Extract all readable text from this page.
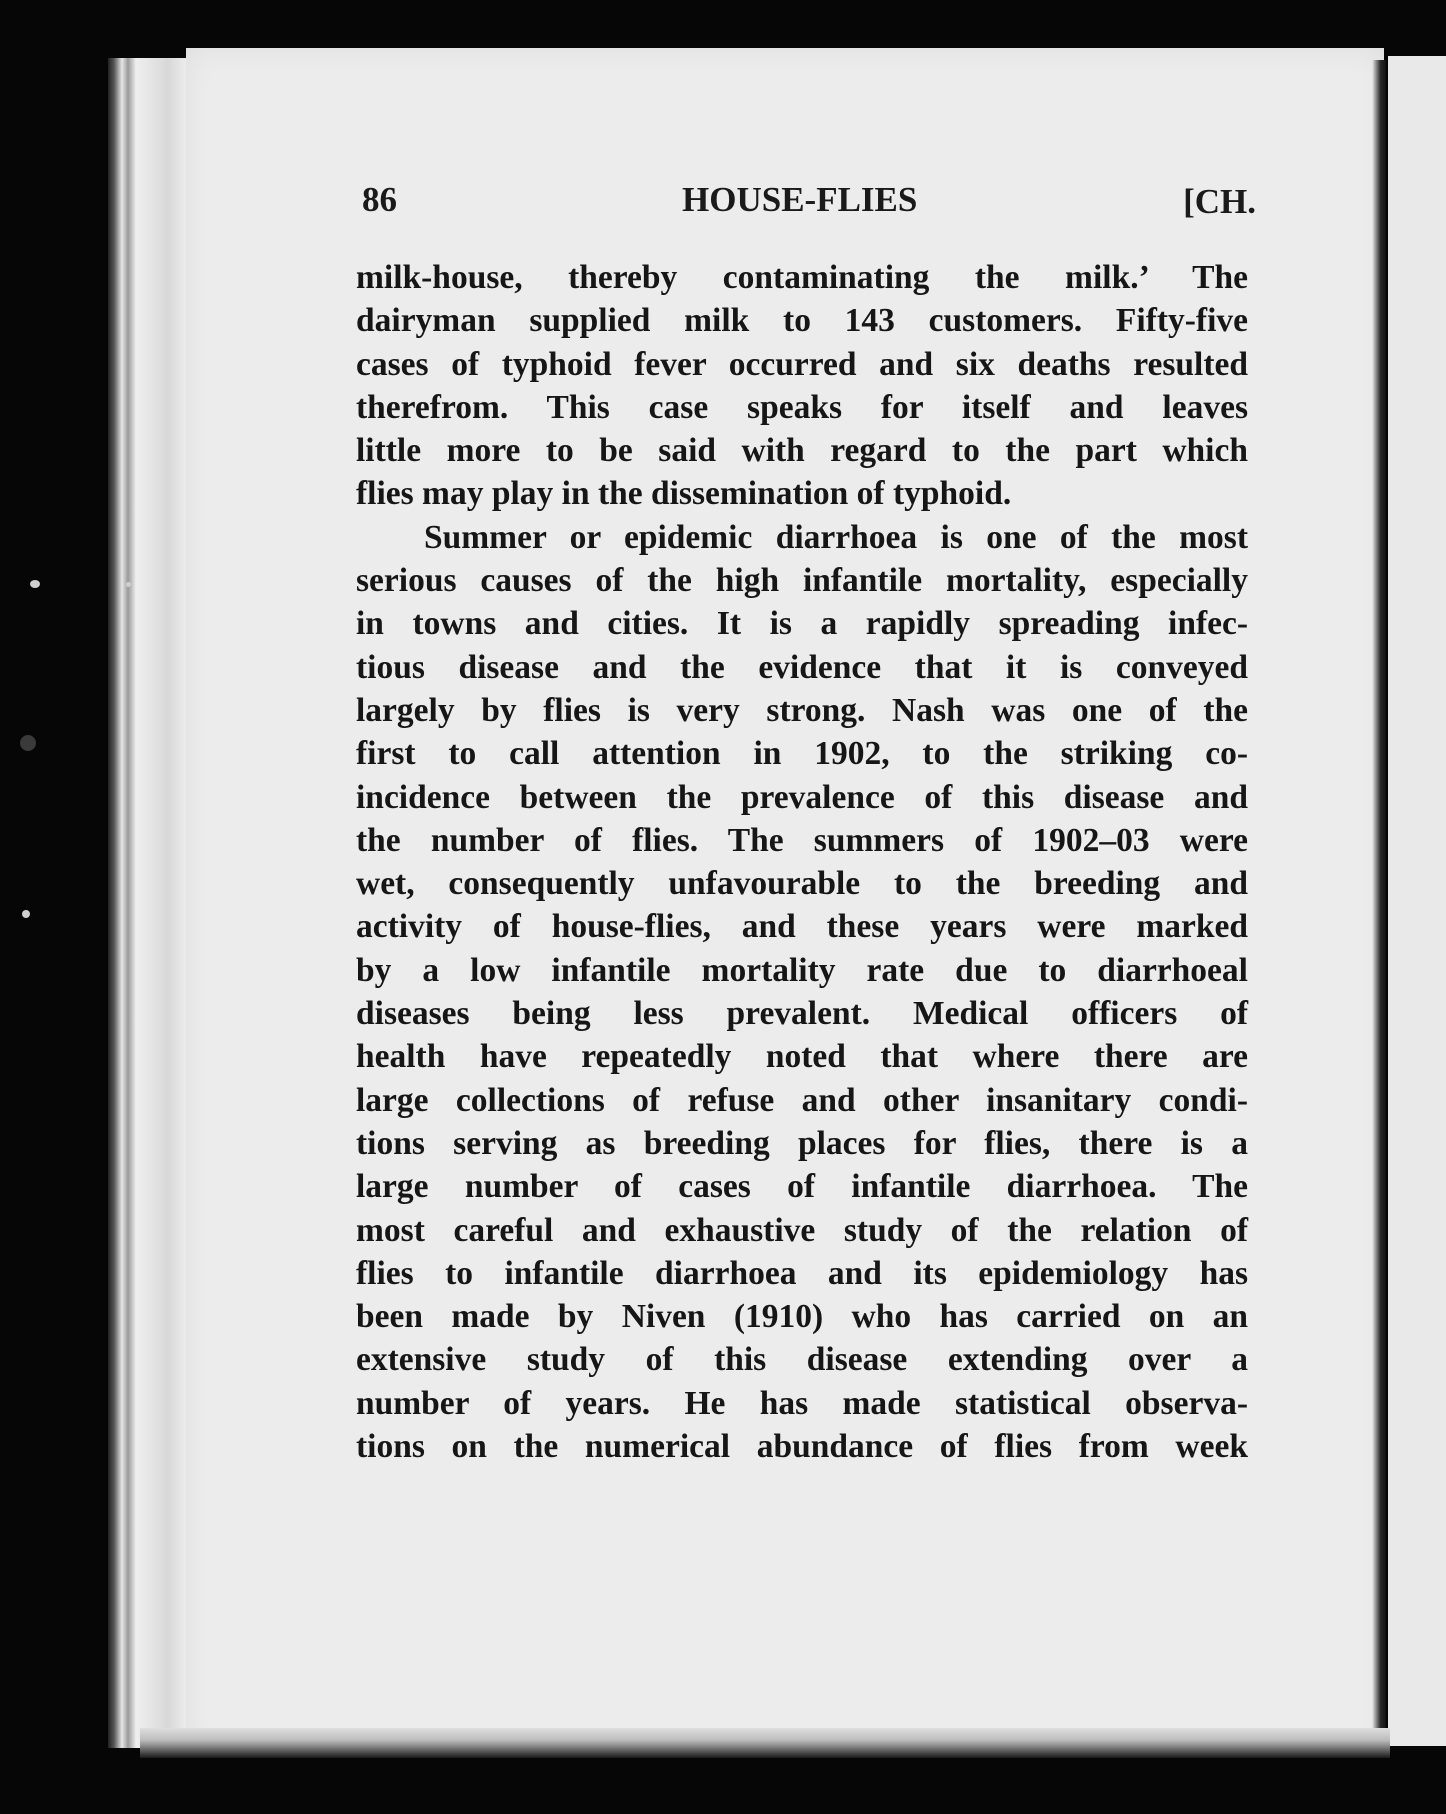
86	HOUSE-FLIES	[CH.
milk-house, thereby contaminating the milk.’ The
dairyman supplied milk to 143 customers. Fifty-five
cases of typhoid fever occurred and six deaths resulted
therefrom. This case speaks for itself and leaves
little more to be said with regard to the part which
flies may play in the dissemination of typhoid.
Summer or epidemic diarrhoea is one of the most
serious causes of the high infantile mortality, especially
in towns and cities. It is a rapidly spreading infec-
tious disease and the evidence that it is conveyed
largely by flies is very strong. Nash was one of the
first to call attention in 1902, to the striking co-
incidence between the prevalence of this disease and
the number of flies. The summers of 1902–03 were
wet, consequently unfavourable to the breeding and
activity of house-flies, and these years were marked
by a low infantile mortality rate due to diarrhoeal
diseases being less prevalent. Medical officers of
health have repeatedly noted that where there are
large collections of refuse and other insanitary condi-
tions serving as breeding places for flies, there is a
large number of cases of infantile diarrhoea. The
most careful and exhaustive study of the relation of
flies to infantile diarrhoea and its epidemiology has
been made by Niven (1910) who has carried on an
extensive study of this disease extending over a
number of years. He has made statistical observa-
tions on the numerical abundance of flies from week
